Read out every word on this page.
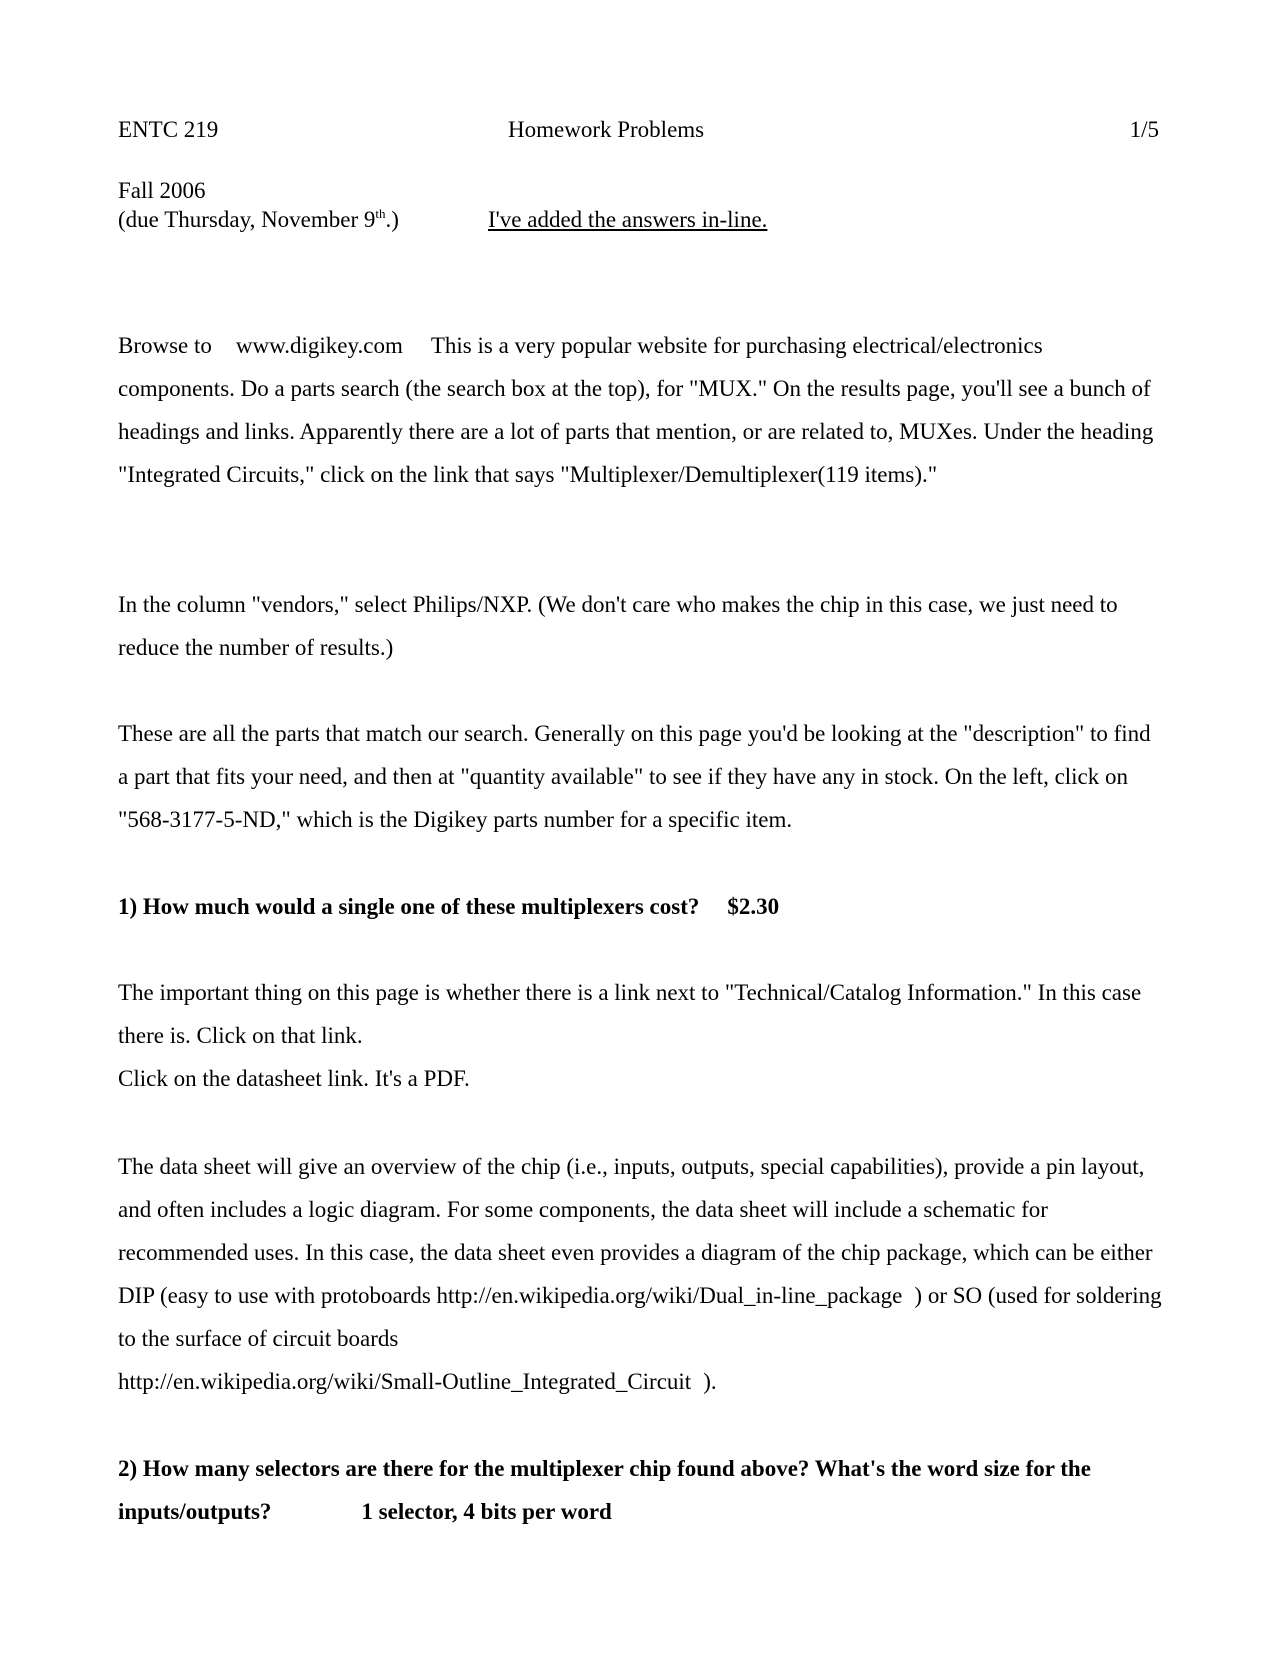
ENTC 219	Homework Problems	1/5
Fall 2006
(due Thursday, November 9th.)	I've added the answers in-line.

Browse to www.digikey.com This is a very popular website for purchasing electrical/electronics components. Do a parts search (the search box at the top), for "MUX." On the results page, you'll see a bunch of headings and links. Apparently there are a lot of parts that mention, or are related to, MUXes. Under the heading "Integrated Circuits," click on the link that says "Multiplexer/Demultiplexer(119 items)."

In the column "vendors," select Philips/NXP. (We don't care who makes the chip in this case, we just need to reduce the number of results.)

These are all the parts that match our search. Generally on this page you'd be looking at the "description" to find a part that fits your need, and then at "quantity available" to see if they have any in stock. On the left, click on "568-3177-5-ND," which is the Digikey parts number for a specific item.

1) How much would a single one of these multiplexers cost? $2.30

The important thing on this page is whether there is a link next to "Technical/Catalog Information." In this case there is. Click on that link.
Click on the datasheet link. It's a PDF.

The data sheet will give an overview of the chip (i.e., inputs, outputs, special capabilities), provide a pin layout, and often includes a logic diagram. For some components, the data sheet will include a schematic for recommended uses. In this case, the data sheet even provides a diagram of the chip package, which can be either DIP (easy to use with protoboards http://en.wikipedia.org/wiki/Dual_in-line_package ) or SO (used for soldering to the surface of circuit boards
http://en.wikipedia.org/wiki/Small-Outline_Integrated_Circuit ).

2) How many selectors are there for the multiplexer chip found above? What's the word size for the inputs/outputs?	1 selector, 4 bits per word
